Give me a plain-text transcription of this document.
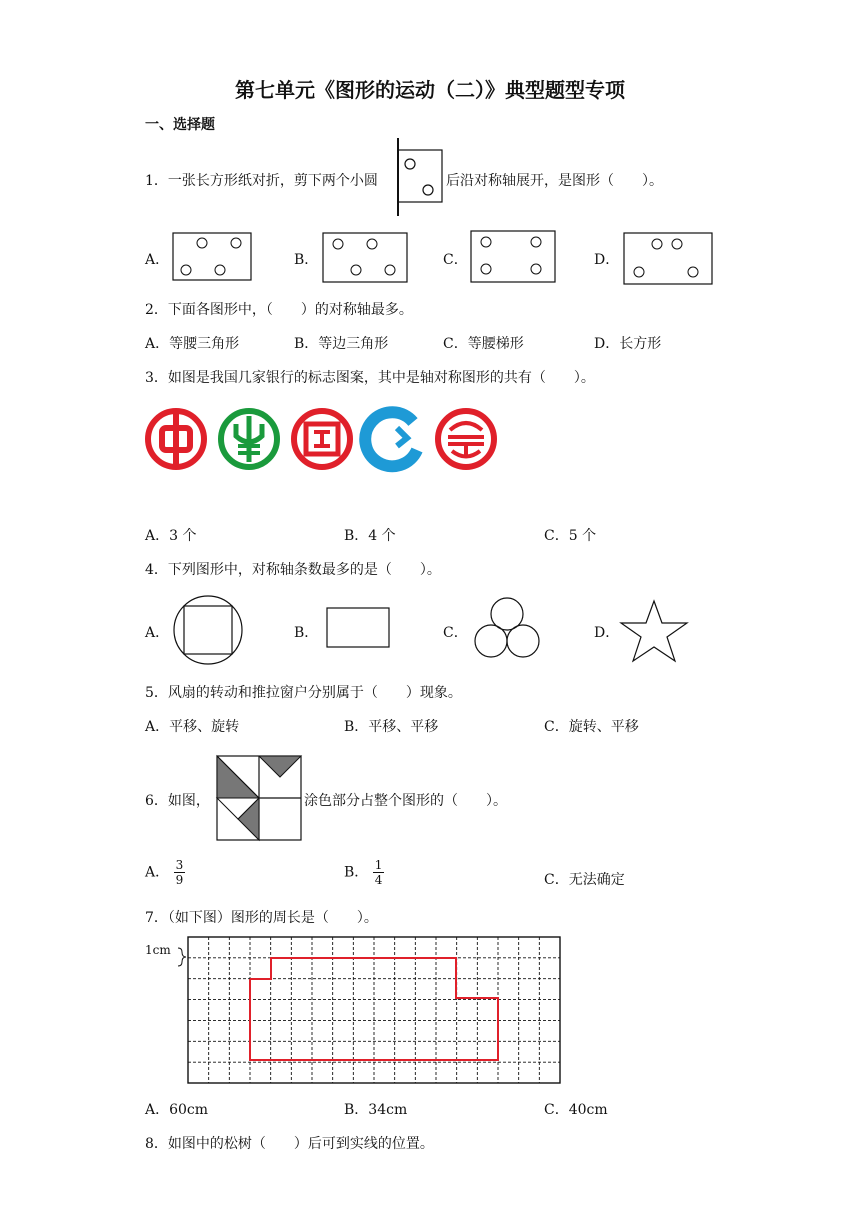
第七单元《图形的运动（二）》典型题型专项
一、选择题
1．一张长方形纸对折，剪下两个小圆	后沿对称轴展开，是图形（　　）。
A．	B．	C．	D．
2．下面各图形中，（　　）的对称轴最多。
A．等腰三角形	B．等边三角形	C．等腰梯形	D．长方形
3．如图是我国几家银行的标志图案，其中是轴对称图形的共有（　　）。
A．3 个	B．4 个	C．5 个
4．下列图形中，对称轴条数最多的是（　　）。
A．	B．	C．	D．
5．风扇的转动和推拉窗户分别属于（　　）现象。
A．平移、旋转	B．平移、平移	C．旋转、平移
6．如图，	涂色部分占整个图形的（　　）。
A． $\frac{3}{9}$	B． $\frac{1}{4}$	C．无法确定
7．（如下图）图形的周长是（　　）。
1cm
A．60cm	B．34cm	C．40cm
8．如图中的松树（　　）后可到实线的位置。
